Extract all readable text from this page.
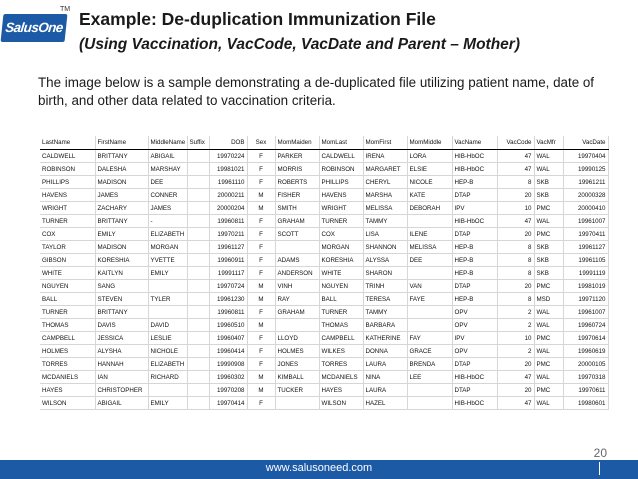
SalusOne Ed
TM Example: De-duplication Immunization File
(Using Vaccination, VacCode, VacDate and Parent – Mother)
The image below is a sample demonstrating a de-duplicated file utilizing patient name, date of birth, and other data related to vaccination criteria.
LastName	FirstName	MiddleName	Suffix	DOB	Sex	MomMaiden	MomLast	MomFirst	MomMiddle	VacName	VacCode	VacMfr	VacDate
CALDWELL	BRITTANY	ABIGAIL		19970224	F	PARKER	CALDWELL	IRENA	LORA	HIB-HbOC	47	WAL	19970404
ROBINSON	DALESHA	MARSHAY		19981021	F	MORRIS	ROBINSON	MARGARET	ELSIE	HIB-HbOC	47	WAL	19990125
PHILLIPS	MADISON	DEE		19961110	F	ROBERTS	PHILLIPS	CHERYL	NICOLE	HEP-B	8	SKB	19961211
HAVENS	JAMES	CONNER		20000211	M	FISHER	HAVENS	MARSHA	KATE	DTAP	20	SKB	20000328
WRIGHT	ZACHARY	JAMES		20000204	M	SMITH	WRIGHT	MELISSA	DEBORAH	IPV	10	PMC	20000410
TURNER	BRITTANY	-		19960811	F	GRAHAM	TURNER	TAMMY		HIB-HbOC	47	WAL	19961007
COX	EMILY	ELIZABETH		19970211	F	SCOTT	COX	LISA	ILENE	DTAP	20	PMC	19970411
TAYLOR	MADISON	MORGAN		19961127	F		MORGAN	SHANNON	MELISSA	HEP-B	8	SKB	19961127
GIBSON	KORESHIA	YVETTE		19960911	F	ADAMS	KORESHIA	ALYSSA	DEE	HEP-B	8	SKB	19961105
WHITE	KAITLYN	EMILY		19991117	F	ANDERSON	WHITE	SHARON		HEP-B	8	SKB	19991119
NGUYEN	SANG			19970724	M	VINH	NGUYEN	TRINH	VAN	DTAP	20	PMC	19981019
BALL	STEVEN	TYLER		19961230	M	RAY	BALL	TERESA	FAYE	HEP-B	8	MSD	19971120
TURNER	BRITTANY			19960811	F	GRAHAM	TURNER	TAMMY		OPV	2	WAL	19961007
THOMAS	DAVIS	DAVID		19960510	M		THOMAS	BARBARA		OPV	2	WAL	19960724
CAMPBELL	JESSICA	LESLIE		19960407	F	LLOYD	CAMPBELL	KATHERINE	FAY	IPV	10	PMC	19970614
HOLMES	ALYSHA	NICHOLE		19960414	F	HOLMES	WILKES	DONNA	GRACE	OPV	2	WAL	19960619
TORRES	HANNAH	ELIZABETH		19990908	F	JONES	TORRES	LAURA	BRENDA	DTAP	20	PMC	20000105
MCDANIELS	IAN	RICHARD		19960302	M	KIMBALL	MCDANIELS	NINA	LEE	HIB-HbOC	47	WAL	19970318
HAYES	CHRISTOPHER			19970208	M	TUCKER	HAYES	LAURA		DTAP	20	PMC	19970611
WILSON	ABIGAIL	EMILY		19970414	F		WILSON	HAZEL		HIB-HbOC	47	WAL	19980601
20
www.salusoneed.com
